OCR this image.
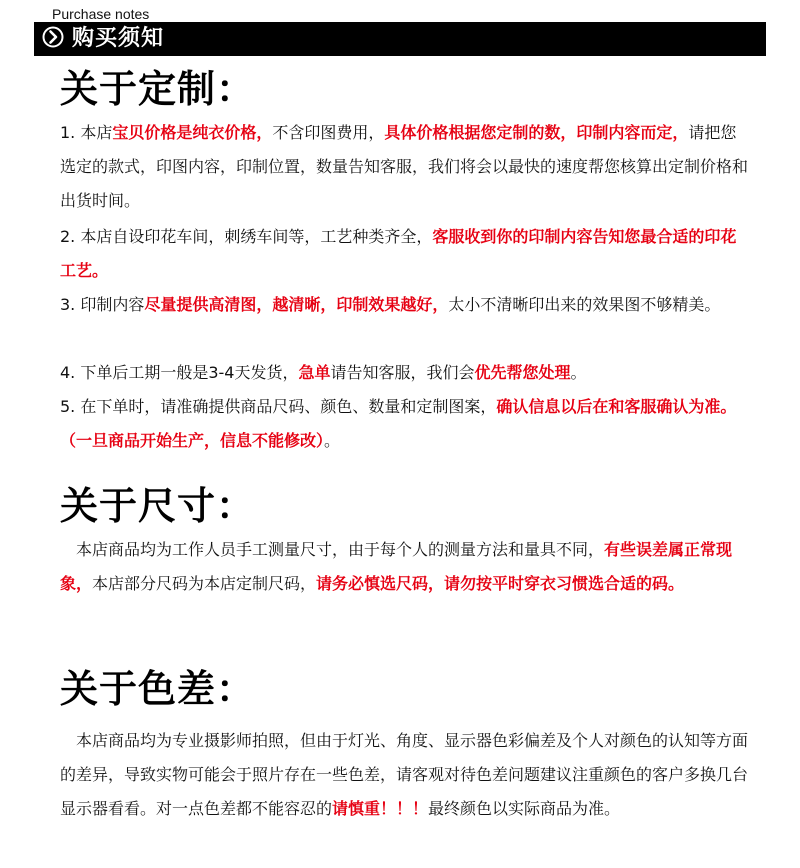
Purchase notes
购买须知
关于定制：
1. 本店宝贝价格是纯衣价格，不含印图费用，具体价格根据您定制的数，印制内容而定，请把您选定的款式，印图内容，印制位置，数量告知客服，我们将会以最快的速度帮您核算出定制价格和出货时间。
2. 本店自设印花车间，刺绣车间等，工艺种类齐全，客服收到你的印制内容告知您最合适的印花工艺。
3. 印制内容尽量提供高清图，越清晰，印制效果越好，太小不清晰印出来的效果图不够精美。
4. 下单后工期一般是3-4天发货，急单请告知客服，我们会优先帮您处理。
5. 在下单时，请准确提供商品尺码、颜色、数量和定制图案，确认信息以后在和客服确认为准。（一旦商品开始生产，信息不能修改）。
关于尺寸：
本店商品均为工作人员手工测量尺寸，由于每个人的测量方法和量具不同，有些误差属正常现象，本店部分尺码为本店定制尺码，请务必慎选尺码，请勿按平时穿衣习惯选合适的码。
关于色差：
本店商品均为专业摄影师拍照，但由于灯光、角度、显示器色彩偏差及个人对颜色的认知等方面的差异，导致实物可能会于照片存在一些色差，请客观对待色差问题建议注重颜色的客户多换几台显示器看看。对一点色差都不能容忍的请慎重！！！最终颜色以实际商品为准。
